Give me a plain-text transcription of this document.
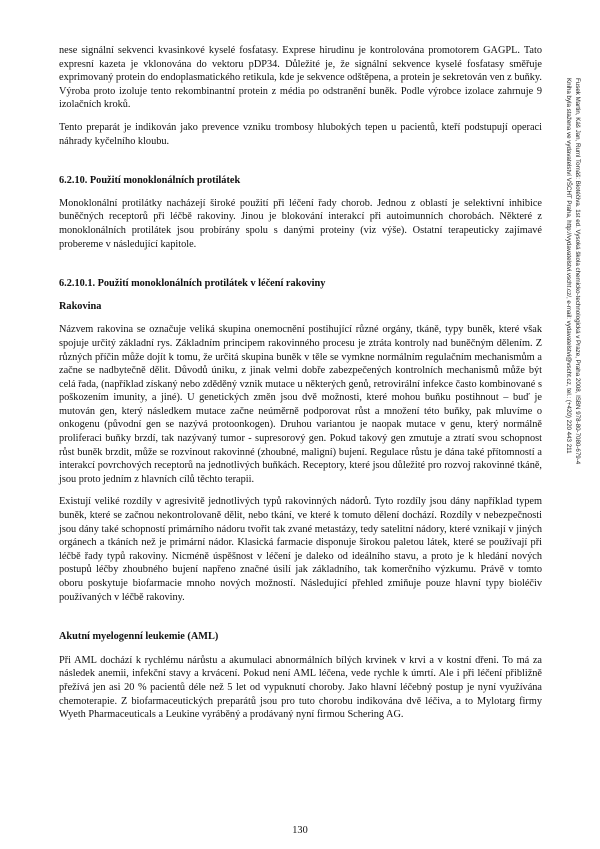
nese signální sekvenci kvasinkové kyselé fosfatasy. Exprese hirudinu je kontrolována promotorem GAGPL. Tato expresní kazeta je vklonována do vektoru pDP34. Důležité je, že signální sekvence kyselé fosfatasy směřuje exprimovaný protein do endoplasmatického retikula, kde je sekvence odštěpena, a protein je sekretován ven z buňky. Výroba proto izoluje tento rekombinantní protein z média po odstranění buněk. Podle výrobce izolace zahrnuje 9 izolačních kroků.

Tento preparát je indikován jako prevence vzniku trombosy hlubokých tepen u pacientů, kteří podstupují operaci náhrady kyčelního kloubu.

6.2.10. Použití monoklonálních protilátek

Monoklonální protilátky nacházejí široké použití při léčení řady chorob. Jednou z oblastí je selektivní inhibice buněčných receptorů při léčbě rakoviny. Jinou je blokování interakcí při autoimunních chorobách. Některé z monoklonálních protilátek jsou probírány spolu s danými proteiny (viz výše). Ostatní terapeuticky zajímavé probereme v následující kapitole.

6.2.10.1. Použití monoklonálních protilátek v léčení rakoviny
Rakovina

Názvem rakovina se označuje veliká skupina onemocnění postihující různé orgány, tkáně, typy buněk, které však spojuje určitý základní rys. Základním principem rakovinného procesu je ztráta kontroly nad buněčným dělením. Z různých příčin může dojít k tomu, že určitá skupina buněk v těle se vymkne normálním regulačním mechanismům a začne se nadbytečně dělit. Důvodů úniku, z jinak velmi dobře zabezpečených kontrolních mechanismů může být celá řada, (například získaný nebo zděděný vznik mutace u některých genů, retrovirální infekce často kombinované s poškozením imunity, a jiné). U genetických změn jsou dvě možnosti, které mohou buňku postihnout – buď je mutován gen, který následkem mutace začne neúměrně podporovat růst a množení této buňky, pak mluvíme o onkogenu (původní gen se nazývá protoonkogen). Druhou variantou je naopak mutace v genu, který normálně proliferaci buňky brzdí, tak nazývaný tumor - supresorový gen. Pokud takový gen zmutuje a ztratí svou schopnost růst buněk brzdit, může se rozvinout rakovinné (zhoubné, maligní) bujení. Regulace růstu je dána také přítomností a interakcí povrchových receptorů na jednotlivých buňkách. Receptory, které jsou důležité pro rozvoj rakovinné tkáně, jsou proto jedním z hlavních cílů těchto terapii.

Existují veliké rozdíly v agresivitě jednotlivých typů rakovinných nádorů. Tyto rozdíly jsou dány například typem buněk, které se začnou nekontrolovaně dělit, nebo tkání, ve které k tomuto dělení dochází. Rozdíly v nebezpečnosti jsou dány také schopností primárního nádoru tvořit tak zvané metastázy, tedy satelitní nádory, které vznikají v jiných orgánech a tkáních než je primární nádor. Klasická farmacie disponuje širokou paletou látek, které se používají při léčbě řady typů rakoviny. Nicméně úspěšnost v léčení je daleko od ideálního stavu, a proto je k hledání nových postupů léčby zhoubného bujení napřeno značné úsilí jak základního, tak komerčního výzkumu. Právě v tomto oboru poskytuje biofarmacie mnoho nových možností. Následující přehled zmiňuje pouze hlavní typy bioléčiv používaných v léčbě rakoviny.

Akutní myelogenní leukemie (AML)

Při AML dochází k rychlému nárůstu a akumulaci abnormálních bílých krvinek v krvi a v kostní dřeni. To má za následek anemii, infekční stavy a krvácení. Pokud není AML léčena, vede rychle k úmrtí. Ale i při léčení přibližně přežívá jen asi 20 % pacientů déle než 5 let od vypuknutí choroby. Jako hlavní léčebný postup je nyní využívána chemoterapie. Z biofarmaceutických preparátů jsou pro tuto chorobu indikována dvě léčiva, a to Mylotarg firmy Wyeth Pharmaceuticals a Leukine vyráběný a prodávaný nyní firmou Schering AG.

130
Fusek Martin, Káš Jan, Ruml Tomáš: Biotéčiva. 1st ed. Vysoká škola chemicko-technologická v Praze, Praha 2008, ISBN 978-80-7080-679-4
Kniha byla stažena ve vydavatelství VŠCHT Praha, http://vydavatelstvi.vscht.cz/, e-mail: vydavatelstvi@vscht.cz, tel.: (+420) 220 443 211
